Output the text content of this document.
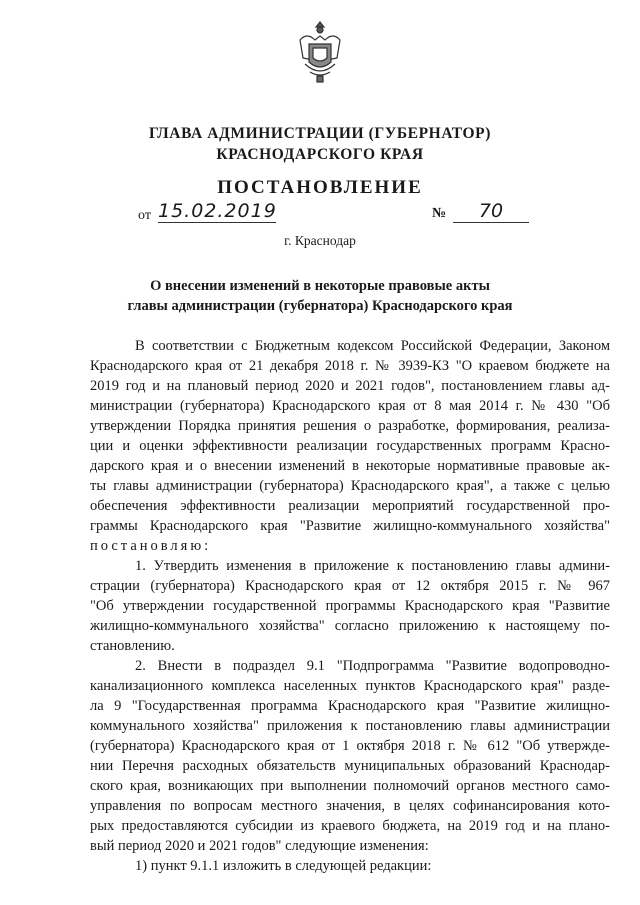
ГЛАВА АДМИНИСТРАЦИИ (ГУБЕРНАТОР)
КРАСНОДАРСКОГО КРАЯ
ПОСТАНОВЛЕНИЕ
от 15.02.2019	№	70
г. Краснодар
О внесении изменений в некоторые правовые акты
главы администрации (губернатора) Краснодарского края

В соответствии с Бюджетным кодексом Российской Федерации, Законом

Краснодарского края от 21 декабря 2018 г. № 3939-КЗ "О краевом бюджете на

2019 год и на плановый период 2020 и 2021 годов", постановлением главы ад-

министрации (губернатора) Краснодарского края от 8 мая 2014 г. № 430 "Об

утверждении Порядка принятия решения о разработке, формирования, реализа-

ции и оценки эффективности реализации государственных программ Красно-

дарского края и о внесении изменений в некоторые нормативные правовые ак-

ты главы администрации (губернатора) Краснодарского края", а также с целью

обеспечения эффективности реализации мероприятий государственной про-

граммы Краснодарского края "Развитие жилищно-коммунального хозяйства"

постановляю:

1. Утвердить изменения в приложение к постановлению главы админи-

страции (губернатора) Краснодарского края от 12 октября 2015 г. № 967

"Об утверждении государственной программы Краснодарского края "Развитие

жилищно-коммунального хозяйства" согласно приложению к настоящему по-

становлению.

2. Внести в подраздел 9.1 "Подпрограмма "Развитие водопроводно-

канализационного комплекса населенных пунктов Краснодарского края" разде-

ла 9 "Государственная программа Краснодарского края "Развитие жилищно-

коммунального хозяйства" приложения к постановлению главы администрации

(губернатора) Краснодарского края от 1 октября 2018 г. № 612 "Об утвержде-

нии Перечня расходных обязательств муниципальных образований Краснодар-

ского края, возникающих при выполнении полномочий органов местного само-

управления по вопросам местного значения, в целях софинансирования кото-

рых предоставляются субсидии из краевого бюджета, на 2019 год и на плано-

вый период 2020 и 2021 годов" следующие изменения:

1) пункт 9.1.1 изложить в следующей редакции:
